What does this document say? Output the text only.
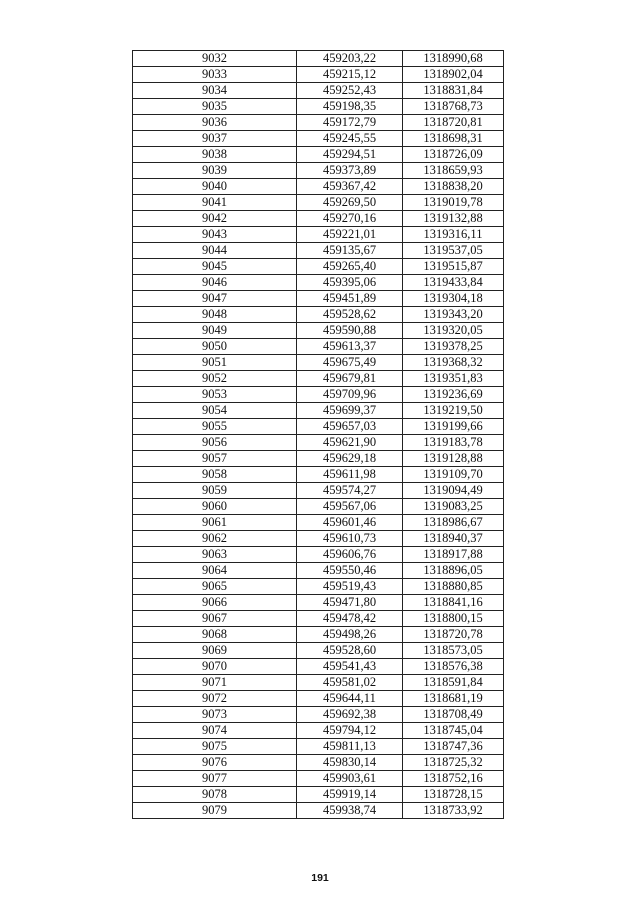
9032	459203,22	1318990,68
9033	459215,12	1318902,04
9034	459252,43	1318831,84
9035	459198,35	1318768,73
9036	459172,79	1318720,81
9037	459245,55	1318698,31
9038	459294,51	1318726,09
9039	459373,89	1318659,93
9040	459367,42	1318838,20
9041	459269,50	1319019,78
9042	459270,16	1319132,88
9043	459221,01	1319316,11
9044	459135,67	1319537,05
9045	459265,40	1319515,87
9046	459395,06	1319433,84
9047	459451,89	1319304,18
9048	459528,62	1319343,20
9049	459590,88	1319320,05
9050	459613,37	1319378,25
9051	459675,49	1319368,32
9052	459679,81	1319351,83
9053	459709,96	1319236,69
9054	459699,37	1319219,50
9055	459657,03	1319199,66
9056	459621,90	1319183,78
9057	459629,18	1319128,88
9058	459611,98	1319109,70
9059	459574,27	1319094,49
9060	459567,06	1319083,25
9061	459601,46	1318986,67
9062	459610,73	1318940,37
9063	459606,76	1318917,88
9064	459550,46	1318896,05
9065	459519,43	1318880,85
9066	459471,80	1318841,16
9067	459478,42	1318800,15
9068	459498,26	1318720,78
9069	459528,60	1318573,05
9070	459541,43	1318576,38
9071	459581,02	1318591,84
9072	459644,11	1318681,19
9073	459692,38	1318708,49
9074	459794,12	1318745,04
9075	459811,13	1318747,36
9076	459830,14	1318725,32
9077	459903,61	1318752,16
9078	459919,14	1318728,15
9079	459938,74	1318733,92
191
